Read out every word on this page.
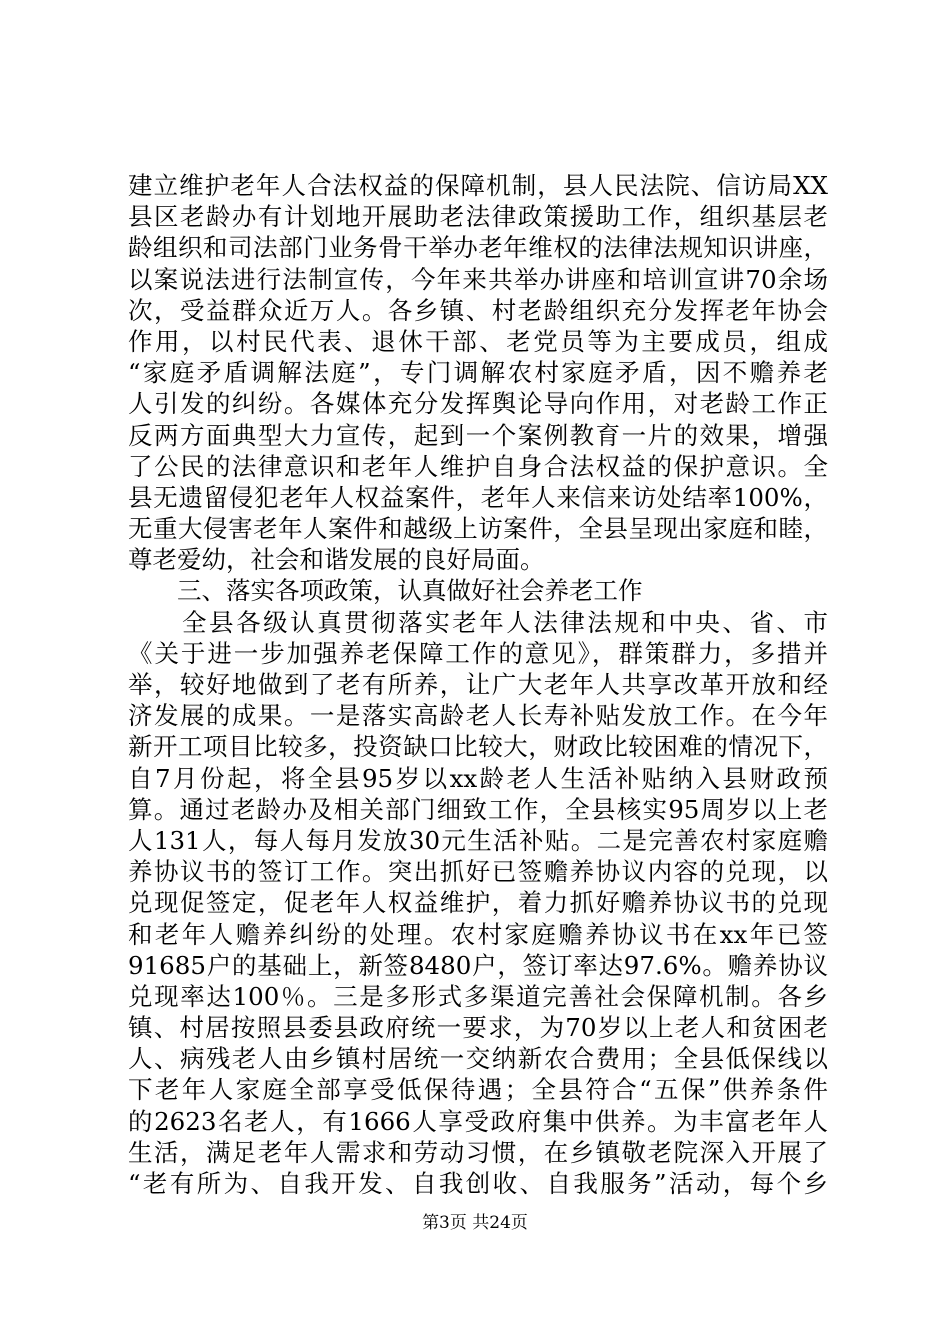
建立维护老年人合法权益的保障机制，县人民法院、信访局XX
县区老龄办有计划地开展助老法律政策援助工作，组织基层老
龄组织和司法部门业务骨干举办老年维权的法律法规知识讲座，
以案说法进行法制宣传，今年来共举办讲座和培训宣讲70余场
次，受益群众近万人。各乡镇、村老龄组织充分发挥老年协会
作用，以村民代表、退休干部、老党员等为主要成员，组成
“家庭矛盾调解法庭”，专门调解农村家庭矛盾，因不赡养老
人引发的纠纷。各媒体充分发挥舆论导向作用，对老龄工作正
反两方面典型大力宣传，起到一个案例教育一片的效果，增强
了公民的法律意识和老年人维护自身合法权益的保护意识。全
县无遗留侵犯老年人权益案件，老年人来信来访处结率100%，
无重大侵害老年人案件和越级上访案件，全县呈现出家庭和睦，
尊老爱幼，社会和谐发展的良好局面。
　　三、落实各项政策，认真做好社会养老工作
　　全县各级认真贯彻落实老年人法律法规和中央、省、市
《关于进一步加强养老保障工作的意见》，群策群力，多措并
举，较好地做到了老有所养，让广大老年人共享改革开放和经
济发展的成果。一是落实高龄老人长寿补贴发放工作。在今年
新开工项目比较多，投资缺口比较大，财政比较困难的情况下，
自7月份起，将全县95岁以xx龄老人生活补贴纳入县财政预
算。通过老龄办及相关部门细致工作，全县核实95周岁以上老
人131人，每人每月发放30元生活补贴。二是完善农村家庭赡
养协议书的签订工作。突出抓好已签赡养协议内容的兑现，以
兑现促签定，促老年人权益维护，着力抓好赡养协议书的兑现
和老年人赡养纠纷的处理。农村家庭赡养协议书在xx年已签
91685户的基础上，新签8480户，签订率达97.6%。赡养协议
兑现率达100％。三是多形式多渠道完善社会保障机制。各乡
镇、村居按照县委县政府统一要求，为70岁以上老人和贫困老
人、病残老人由乡镇村居统一交纳新农合费用；全县低保线以
下老年人家庭全部享受低保待遇；全县符合“五保”供养条件
的2623名老人，有1666人享受政府集中供养。为丰富老年人
生活，满足老年人需求和劳动习惯，在乡镇敬老院深入开展了
“老有所为、自我开发、自我创收、自我服务”活动，每个乡
第3页 共24页
